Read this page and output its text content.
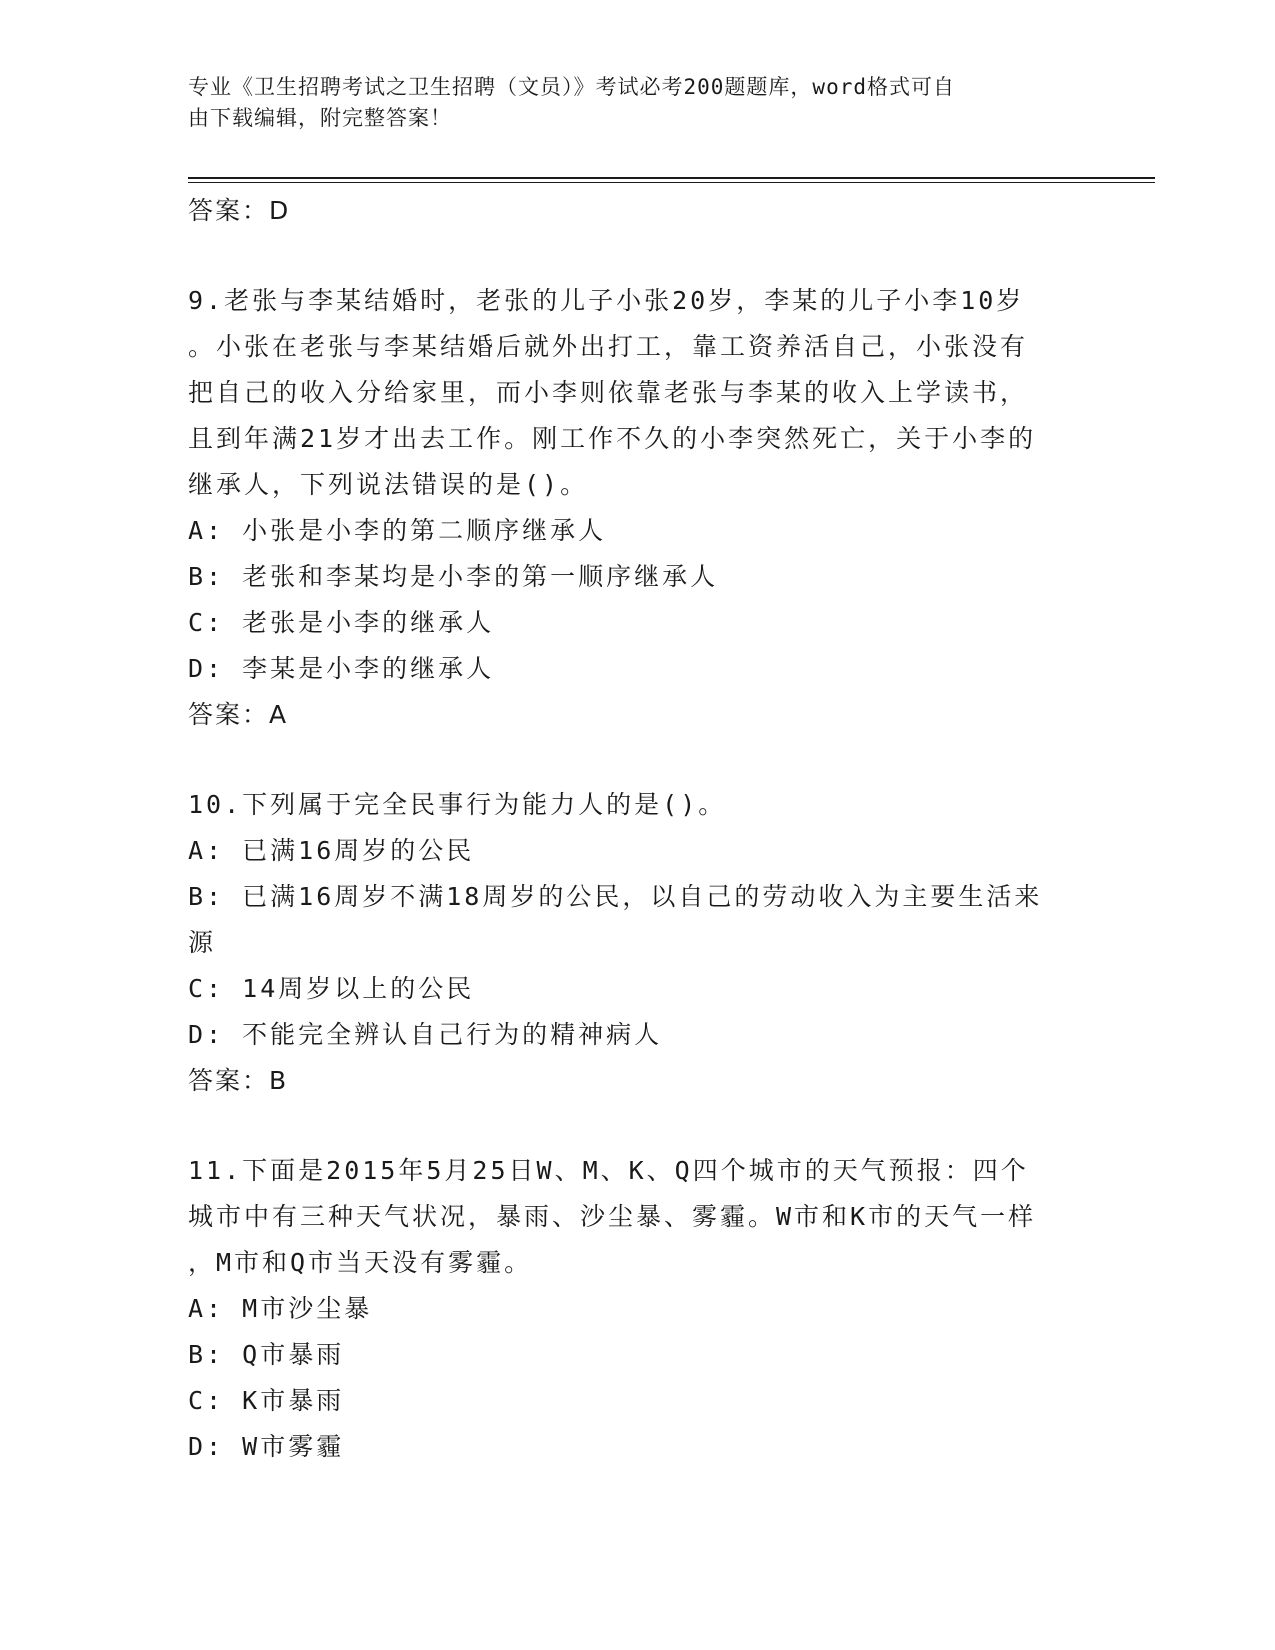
专业《卫生招聘考试之卫生招聘（文员）》考试必考200题题库，word格式可自
由下载编辑，附完整答案！
答案：D
9.老张与李某结婚时，老张的儿子小张20岁，李某的儿子小李10岁
。小张在老张与李某结婚后就外出打工，靠工资养活自己，小张没有
把自己的收入分给家里，而小李则依靠老张与李某的收入上学读书，
且到年满21岁才出去工作。刚工作不久的小李突然死亡，关于小李的
继承人，下列说法错误的是()。
A: 小张是小李的第二顺序继承人
B: 老张和李某均是小李的第一顺序继承人
C: 老张是小李的继承人
D: 李某是小李的继承人
答案：A
10.下列属于完全民事行为能力人的是()。
A: 已满16周岁的公民
B: 已满16周岁不满18周岁的公民，以自己的劳动收入为主要生活来
源
C: 14周岁以上的公民
D: 不能完全辨认自己行为的精神病人
答案：B
11.下面是2015年5月25日W、M、K、Q四个城市的天气预报：四个
城市中有三种天气状况，暴雨、沙尘暴、雾霾。W市和K市的天气一样
，M市和Q市当天没有雾霾。
A: M市沙尘暴
B: Q市暴雨
C: K市暴雨
D: W市雾霾
